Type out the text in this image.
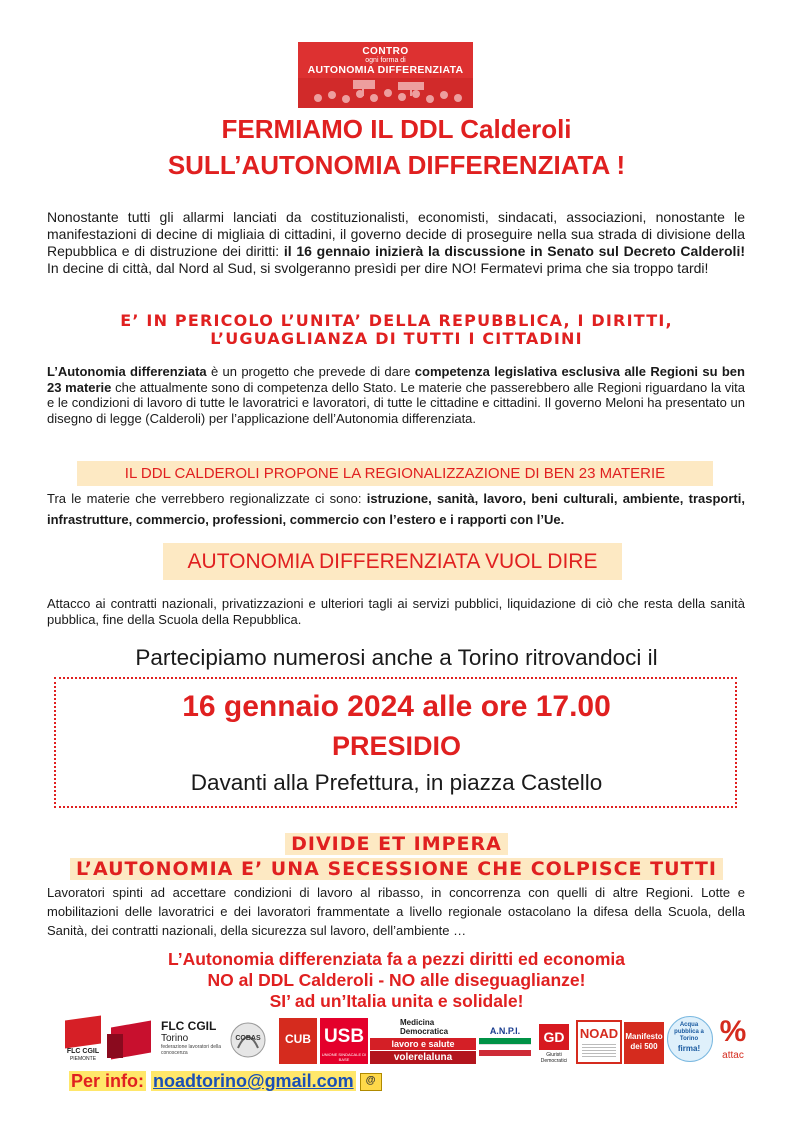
CONTRO
ogni forma di
AUTONOMIA DIFFERENZIATA
FERMIAMO IL DDL Calderoli
SULL’AUTONOMIA DIFFERENZIATA !
Nonostante tutti gli allarmi lanciati da costituzionalisti, economisti, sindacati, associazioni, nonostante le manifestazioni di decine di migliaia di cittadini, il governo decide di proseguire nella sua strada di divisione della Repubblica e di distruzione dei diritti: il 16 gennaio inizierà la discussione in Senato sul Decreto Calderoli! In decine di città, dal Nord al Sud, si svolgeranno presìdi per dire NO! Fermatevi prima che sia troppo tardi!
E’ IN PERICOLO L’UNITA’ DELLA REPUBBLICA, I DIRITTI,
L’UGUAGLIANZA DI TUTTI I CITTADINI
L’Autonomia differenziata è un progetto che prevede di dare competenza legislativa esclusiva alle Regioni su ben 23 materie che attualmente sono di competenza dello Stato. Le materie che passerebbero alle Regioni riguardano la vita e le condizioni di lavoro di tutte le lavoratrici e lavoratori, di tutte le cittadine e cittadini. Il governo Meloni ha presentato un disegno di legge (Calderoli) per l’applicazione dell’Autonomia differenziata.
IL DDL CALDEROLI PROPONE LA REGIONALIZZAZIONE DI BEN 23 MATERIE
Tra le materie che verrebbero regionalizzate ci sono: istruzione, sanità, lavoro, beni culturali, ambiente, trasporti, infrastrutture, commercio, professioni, commercio con l’estero e i rapporti con l’Ue.
AUTONOMIA DIFFERENZIATA VUOL DIRE
Attacco ai contratti nazionali, privatizzazioni e ulteriori tagli ai servizi pubblici, liquidazione di ciò che resta della sanità pubblica, fine della Scuola della Repubblica.
Partecipiamo numerosi anche a Torino ritrovandoci il
16 gennaio 2024 alle ore 17.00
PRESIDIO
Davanti alla Prefettura, in piazza Castello
DIVIDE ET IMPERA
L’AUTONOMIA E’ UNA SECESSIONE CHE COLPISCE TUTTI
Lavoratori spinti ad accettare condizioni di lavoro al ribasso, in concorrenza con quelli di altre Regioni. Lotte e mobilitazioni delle lavoratrici e dei lavoratori frammentate a livello regionale ostacolano la difesa della Scuola, della Sanità, dei contratti nazionali, della sicurezza sul lavoro, dell’ambiente …
L’Autonomia differenziata fa a pezzi diritti ed economia
NO al DDL Calderoli - NO alle diseguaglianze!
SI’ ad un’Italia unita e solidale!
FLC CGIL
PIEMONTE
FLC CGIL
Torino
federazione lavoratori della conoscenza
COBAS	CUB USB
UNIONE SINDACALE DI BASE
Medicina
Democratica
lavoro e salute
volerelaluna
A.N.P.I.	GD
Giuristi Democratici
NOAD Manifesto
dei 500
Acqua pubblica a Torino
firma!
%
attac
Per info: noadtorino@gmail.com @
